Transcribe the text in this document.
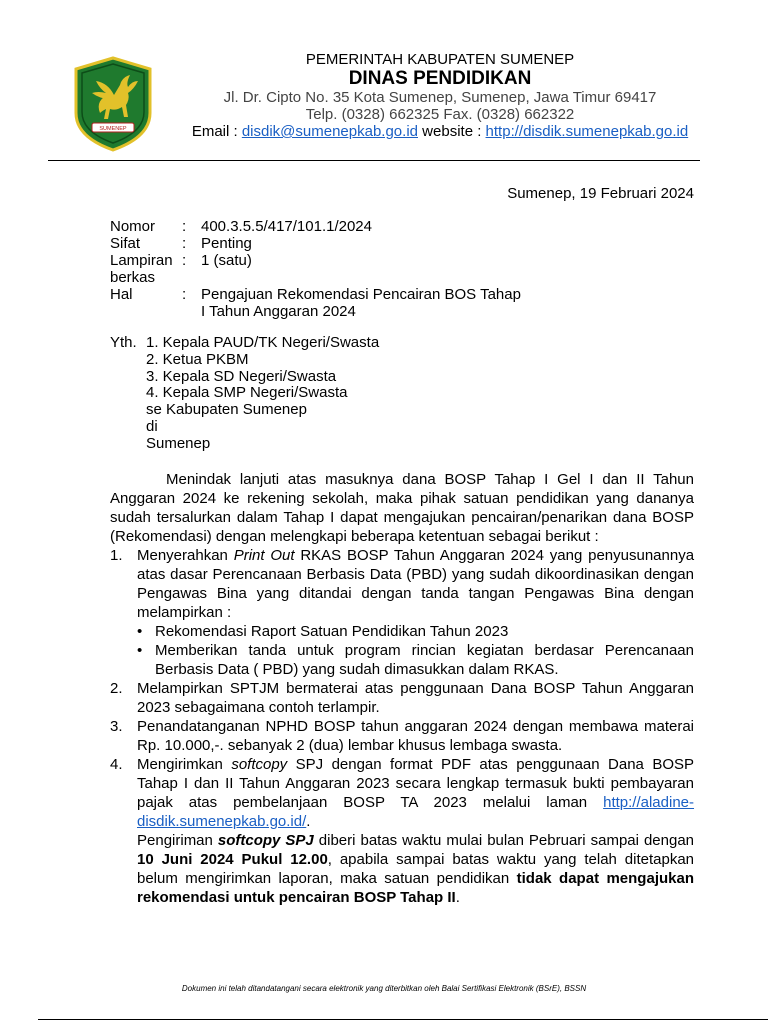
SUMENEP
PEMERINTAH KABUPATEN SUMENEP
DINAS PENDIDIKAN
Jl. Dr. Cipto No. 35 Kota Sumenep, Sumenep, Jawa Timur 69417
Telp. (0328) 662325 Fax. (0328) 662322
Email : disdik@sumenepkab.go.id website : http://disdik.sumenepkab.go.id
Sumenep, 19 Februari 2024
Nomor : 400.3.5.5/417/101.1/2024
Sifat	: Penting
Lampiran : 1 (satu)
berkas
Hal	: Pengajuan Rekomendasi Pencairan BOS Tahap
I Tahun Anggaran 2024
Yth. 1. Kepala PAUD/TK Negeri/Swasta
2. Ketua PKBM
3. Kepala SD Negeri/Swasta
4. Kepala SMP Negeri/Swasta
se Kabupaten Sumenep
di
Sumenep
Menindak lanjuti atas masuknya dana BOSP Tahap I Gel I dan II Tahun Anggaran 2024 ke rekening sekolah, maka pihak satuan pendidikan yang dananya sudah tersalurkan dalam Tahap I dapat mengajukan pencairan/penarikan dana BOSP (Rekomendasi) dengan melengkapi beberapa ketentuan sebagai berikut :
1. Menyerahkan Print Out RKAS BOSP Tahun Anggaran 2024 yang penyusunannya atas dasar Perencanaan Berbasis Data (PBD) yang sudah dikoordinasikan dengan Pengawas Bina yang ditandai dengan tanda tangan Pengawas Bina dengan melampirkan :
• Rekomendasi Raport Satuan Pendidikan Tahun 2023
• Memberikan tanda untuk program rincian kegiatan berdasar Perencanaan Berbasis Data ( PBD) yang sudah dimasukkan dalam RKAS.
2. Melampirkan SPTJM bermaterai atas penggunaan Dana BOSP Tahun Anggaran 2023 sebagaimana contoh terlampir.
3. Penandatanganan NPHD BOSP tahun anggaran 2024 dengan membawa materai Rp. 10.000,-. sebanyak 2 (dua) lembar khusus lembaga swasta.
4. Mengirimkan softcopy SPJ dengan format PDF atas penggunaan Dana BOSP Tahap I dan II Tahun Anggaran 2023 secara lengkap termasuk bukti pembayaran pajak atas pembelanjaan BOSP TA 2023 melalui laman http://aladine-disdik.sumenepkab.go.id/.
Pengiriman softcopy SPJ diberi batas waktu mulai bulan Pebruari sampai dengan 10 Juni 2024 Pukul 12.00, apabila sampai batas waktu yang telah ditetapkan belum mengirimkan laporan, maka satuan pendidikan tidak dapat mengajukan rekomendasi untuk pencairan BOSP Tahap II.
Dokumen ini telah ditandatangani secara elektronik yang diterbitkan oleh Balai Sertifikasi Elektronik (BSrE), BSSN
